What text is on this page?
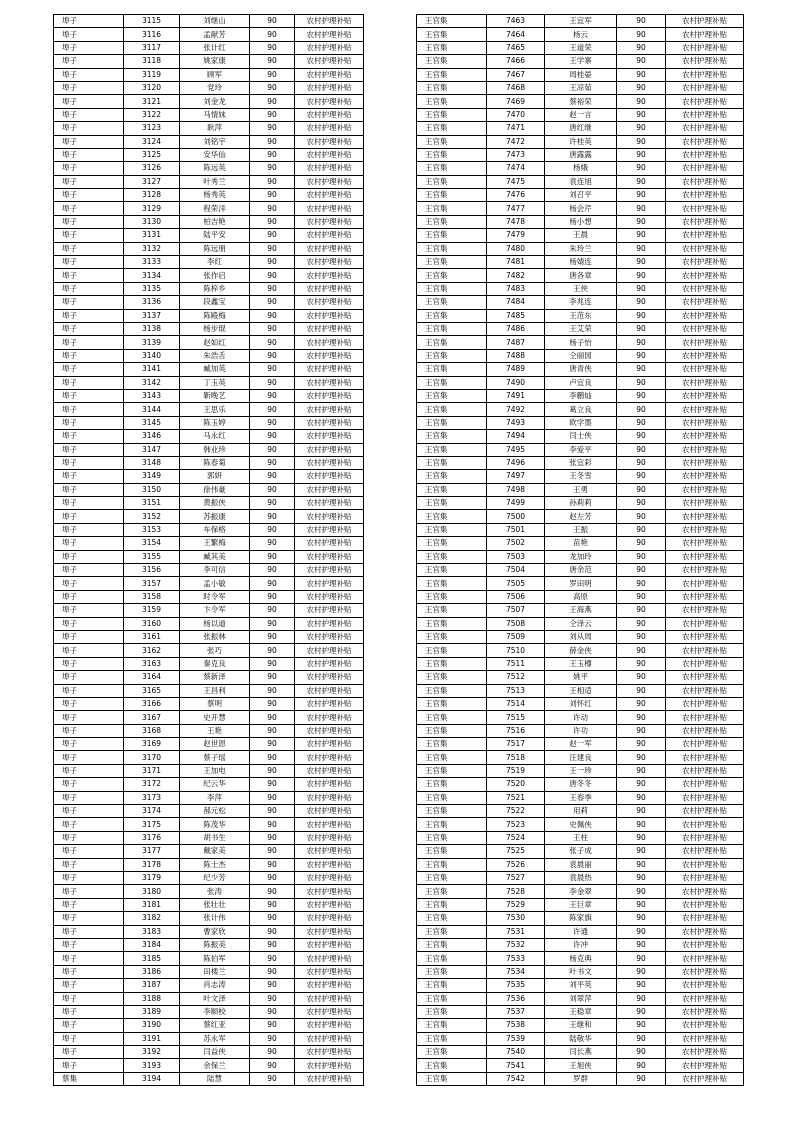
埠子	3115	刘继山	90	农村护理补贴
埠子	3116	孟献芳	90	农村护理补贴
埠子	3117	张计红	90	农村护理补贴
埠子	3118	姚家康	90	农村护理补贴
埠子	3119	顾军	90	农村护理补贴
埠子	3120	党玲	90	农村护理补贴
埠子	3121	刘金龙	90	农村护理补贴
埠子	3122	马情妹	90	农村护理补贴
埠子	3123	耿萍	90	农村护理补贴
埠子	3124	刘铭宇	90	农村护理补贴
埠子	3125	安华仙	90	农村护理补贴
埠子	3126	陈远英	90	农村护理补贴
埠子	3127	叶秀兰	90	农村护理补贴
埠子	3128	杨秀英	90	农村护理补贴
埠子	3129	程荣洋	90	农村护理补贴
埠子	3130	柏吉艳	90	农村护理补贴
埠子	3131	陆平安	90	农村护理补贴
埠子	3132	陈远朋	90	农村护理补贴
埠子	3133	李红	90	农村护理补贴
埠子	3134	张作启	90	农村护理补贴
埠子	3135	陈梓乡	90	农村护理补贴
埠子	3136	段鑫宝	90	农村护理补贴
埠子	3137	陈殿梅	90	农村护理补贴
埠子	3138	杨步琨	90	农村护理补贴
埠子	3139	赵如红	90	农村护理补贴
埠子	3140	朱浩舌	90	农村护理补贴
埠子	3141	臧加英	90	农村护理补贴
埠子	3142	丁玉英	90	农村护理补贴
埠子	3143	靳晚艺	90	农村护理补贴
埠子	3144	王思乐	90	农村护理补贴
埠子	3145	陈玉婷	90	农村护理补贴
埠子	3146	马永红	90	农村护理补贴
埠子	3147	韩业珍	90	农村护理补贴
埠子	3148	陈春菊	90	农村护理补贴
埠子	3149	郭妍	90	农村护理补贴
埠子	3150	徐伟豪	90	农村护理补贴
埠子	3151	黄振侠	90	农村护理补贴
埠子	3152	苏振康	90	农村护理补贴
埠子	3153	车保格	90	农村护理补贴
埠子	3154	王繁梅	90	农村护理补贴
埠子	3155	臧其美	90	农村护理补贴
埠子	3156	李可信	90	农村护理补贴
埠子	3157	孟小敏	90	农村护理补贴
埠子	3158	时令军	90	农村护理补贴
埠子	3159	卞令军	90	农村护理补贴
埠子	3160	杨以道	90	农村护理补贴
埠子	3161	张振林	90	农村护理补贴
埠子	3162	张巧	90	农村护理补贴
埠子	3163	秦克良	90	农村护理补贴
埠子	3164	蔡新泽	90	农村护理补贴
埠子	3165	王昌利	90	农村护理补贴
埠子	3166	蔡明	90	农村护理补贴
埠子	3167	史开慧	90	农村护理补贴
埠子	3168	王艳	90	农村护理补贴
埠子	3169	赵世恩	90	农村护理补贴
埠子	3170	蔡子瑶	90	农村护理补贴
埠子	3171	王加电	90	农村护理补贴
埠子	3172	纪云华	90	农村护理补贴
埠子	3173	李萍	90	农村护理补贴
埠子	3174	郝元松	90	农村护理补贴
埠子	3175	陈茂华	90	农村护理补贴
埠子	3176	胡书生	90	农村护理补贴
埠子	3177	戴家美	90	农村护理补贴
埠子	3178	陈士杰	90	农村护理补贴
埠子	3179	纪少芳	90	农村护理补贴
埠子	3180	张涛	90	农村护理补贴
埠子	3181	张壮壮	90	农村护理补贴
埠子	3182	张计伟	90	农村护理补贴
埠子	3183	曹家欣	90	农村护理补贴
埠子	3184	陈振美	90	农村护理补贴
埠子	3185	陈伯军	90	农村护理补贴
埠子	3186	田楼兰	90	农村护理补贴
埠子	3187	肖志涛	90	农村护理补贴
埠子	3188	叶文泽	90	农村护理补贴
埠子	3189	李顺校	90	农村护理补贴
埠子	3190	蔡红亚	90	农村护理补贴
埠子	3191	苏永军	90	农村护理补贴
埠子	3192	闫益侠	90	农村护理补贴
埠子	3193	余保兰	90	农村护理补贴
蔡集	3194	陆慧	90	农村护理补贴
王官集	7463	王宜军	90	农村护理补贴
王官集	7464	杨云	90	农村护理补贴
王官集	7465	王道荣	90	农村护理补贴
王官集	7466	王学寨	90	农村护理补贴
王官集	7467	周桂晏	90	农村护理补贴
王官集	7468	王凉茹	90	农村护理补贴
王官集	7469	蔡裕荣	90	农村护理补贴
王官集	7470	赵一言	90	农村护理补贴
王官集	7471	唐红继	90	农村护理补贴
王官集	7472	许桂英	90	农村护理补贴
王官集	7473	唐露露	90	农村护理补贴
王官集	7474	杨娥	90	农村护理补贴
王官集	7475	袁连旭	90	农村护理补贴
王官集	7476	刘召平	90	农村护理补贴
王官集	7477	杨会芹	90	农村护理补贴
王官集	7478	杨小想	90	农村护理补贴
王官集	7479	王晨	90	农村护理补贴
王官集	7480	朱玲兰	90	农村护理补贴
王官集	7481	杨婧连	90	农村护理补贴
王官集	7482	唐各章	90	农村护理补贴
王官集	7483	王侠	90	农村护理补贴
王官集	7484	李兆连	90	农村护理补贴
王官集	7485	王范东	90	农村护理补贴
王官集	7486	王艾荣	90	农村护理补贴
王官集	7487	杨子怡	90	农村护理补贴
王官集	7488	仝丽园	90	农村护理补贴
王官集	7489	唐青侠	90	农村护理补贴
王官集	7490	卢宜良	90	农村护理补贴
王官集	7491	李鹏灿	90	农村护理补贴
王官集	7492	葛立良	90	农村护理补贴
王官集	7493	欧学墨	90	农村护理补贴
王官集	7494	闫士侠	90	农村护理补贴
王官集	7495	李爱平	90	农村护理补贴
王官集	7496	张宜彩	90	农村护理补贴
王官集	7497	王冬雪	90	农村护理补贴
王官集	7498	王勇	90	农村护理补贴
王官集	7499	孙莉莉	90	农村护理补贴
王官集	7500	赵左芳	90	农村护理补贴
王官集	7501	王振	90	农村护理补贴
王官集	7502	苗艳	90	农村护理补贴
王官集	7503	龙加玲	90	农村护理补贴
王官集	7504	唐余范	90	农村护理补贴
王官集	7505	罗田明	90	农村护理补贴
王官集	7506	高原	90	农村护理补贴
王官集	7507	王海燕	90	农村护理补贴
王官集	7508	仝泽云	90	农村护理补贴
王官集	7509	刘从周	90	农村护理补贴
王官集	7510	薛金侠	90	农村护理补贴
王官集	7511	王玉樽	90	农村护理补贴
王官集	7512	姚平	90	农村护理补贴
王官集	7513	王相适	90	农村护理补贴
王官集	7514	刘怀红	90	农村护理补贴
王官集	7515	许动	90	农村护理补贴
王官集	7516	许功	90	农村护理补贴
王官集	7517	赵一军	90	农村护理补贴
王官集	7518	汪建良	90	农村护理补贴
王官集	7519	王一珍	90	农村护理补贴
王官集	7520	唐冬冬	90	农村护理补贴
王官集	7521	王春季	90	农村护理补贴
王官集	7522	用莉	90	农村护理补贴
王官集	7523	史佩侠	90	农村护理补贴
王官集	7524	王柱	90	农村护理补贴
王官集	7525	张子成	90	农村护理补贴
王官集	7526	袁晨丽	90	农村护理补贴
王官集	7527	袁晨热	90	农村护理补贴
王官集	7528	李金翠	90	农村护理补贴
王官集	7529	王巨章	90	农村护理补贴
王官集	7530	陈家旗	90	农村护理补贴
王官集	7531	许通	90	农村护理补贴
王官集	7532	许冲	90	农村护理补贴
王官集	7533	杨克典	90	农村护理补贴
王官集	7534	叶书文	90	农村护理补贴
王官集	7535	刘平英	90	农村护理补贴
王官集	7536	刘翠萍	90	农村护理补贴
王官集	7537	王稳章	90	农村护理补贴
王官集	7538	王继和	90	农村护理补贴
王官集	7539	陆敬华	90	农村护理补贴
王官集	7540	闫长燕	90	农村护理补贴
王官集	7541	王旭侠	90	农村护理补贴
王官集	7542	罗群	90	农村护理补贴
